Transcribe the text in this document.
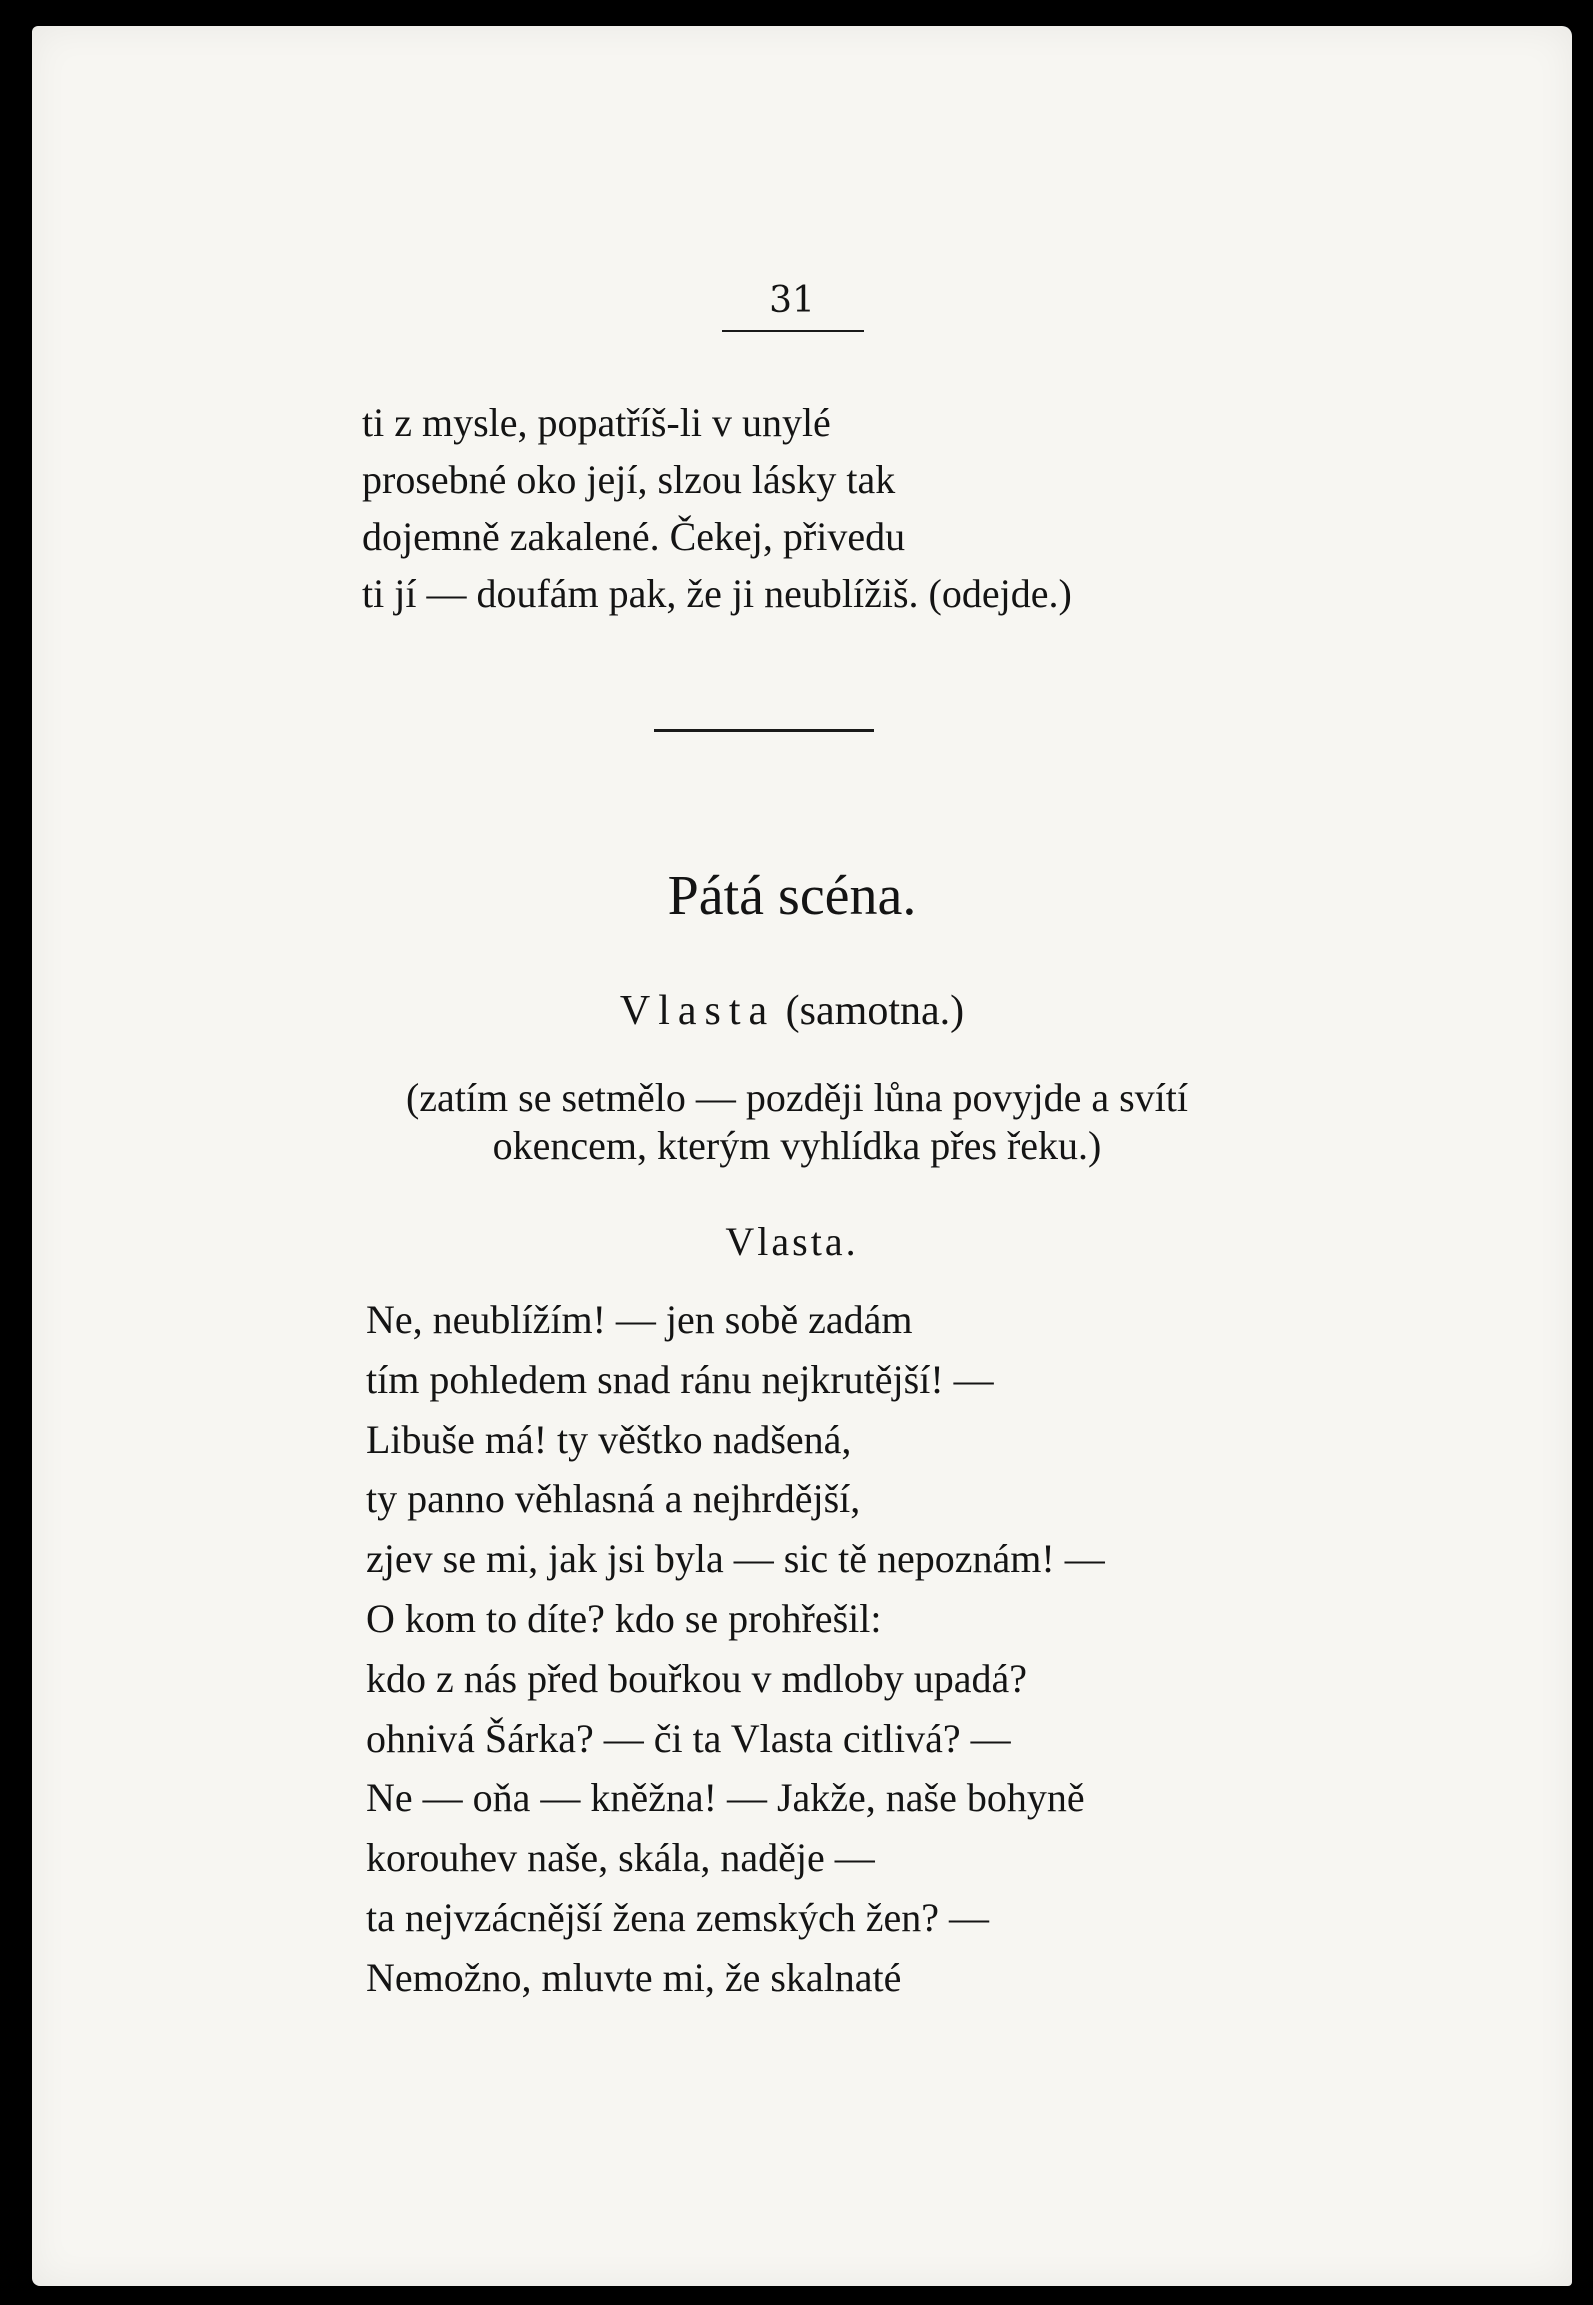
31
ti z mysle, popatříš-li v unylé
prosebné oko její, slzou lásky tak
dojemně zakalené. Čekej, přivedu
ti jí — doufám pak, že ji neublížiš. (odejde.)
Pátá scéna.
Vlasta (samotna.)
(zatím se setmělo — později lůna povyjde a svítí
okencem, kterým vyhlídka přes řeku.)
Vlasta.
Ne, neublížím! — jen sobě zadám
tím pohledem snad ránu nejkrutější! —
Libuše má! ty věštko nadšená,
ty panno věhlasná a nejhrdější,
zjev se mi, jak jsi byla — sic tě nepoznám! —
O kom to díte? kdo se prohřešil:
kdo z nás před bouřkou v mdloby upadá?
ohnivá Šárka? — či ta Vlasta citlivá? —
Ne — oňa — kněžna! — Jakže, naše bohyně
korouhev naše, skála, naděje —
ta nejvzácnější žena zemských žen? —
Nemožno, mluvte mi, že skalnaté
